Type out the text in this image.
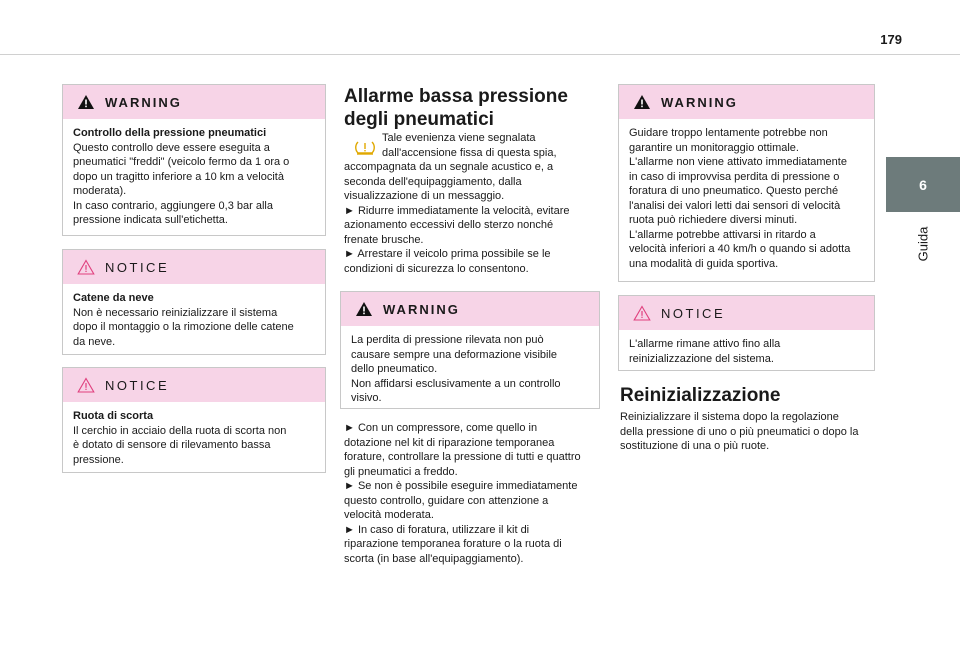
179
6
Guida
WARNING
Controllo della pressione pneumatici
Questo controllo deve essere eseguita a
pneumatici "freddi" (veicolo fermo da 1 ora o
dopo un tragitto inferiore a 10 km a velocità
moderata).
In caso contrario, aggiungere 0,3 bar alla
pressione indicata sull'etichetta.
NOTICE
Catene da neve
Non è necessario reinizializzare il sistema
dopo il montaggio o la rimozione delle catene
da neve.
NOTICE
Ruota di scorta
Il cerchio in acciaio della ruota di scorta non
è dotato di sensore di rilevamento bassa
pressione.
Allarme bassa pressione
degli pneumatici
Tale evenienza viene segnalata
dall'accensione fissa di questa spia,
accompagnata da un segnale acustico e, a
seconda dell'equipaggiamento, dalla
visualizzazione di un messaggio.
► Ridurre immediatamente la velocità, evitare
azionamento eccessivi dello sterzo nonché
frenate brusche.
► Arrestare il veicolo prima possibile se le
condizioni di sicurezza lo consentono.
WARNING
La perdita di pressione rilevata non può
causare sempre una deformazione visibile
dello pneumatico.
Non affidarsi esclusivamente a un controllo
visivo.
► Con un compressore, come quello in
dotazione nel kit di riparazione temporanea
forature, controllare la pressione di tutti e quattro
gli pneumatici a freddo.
► Se non è possibile eseguire immediatamente
questo controllo, guidare con attenzione a
velocità moderata.
► In caso di foratura, utilizzare il kit di
riparazione temporanea forature o la ruota di
scorta (in base all'equipaggiamento).
WARNING
Guidare troppo lentamente potrebbe non
garantire un monitoraggio ottimale.
L'allarme non viene attivato immediatamente
in caso di improvvisa perdita di pressione o
foratura di uno pneumatico. Questo perché
l'analisi dei valori letti dai sensori di velocità
ruota può richiedere diversi minuti.
L'allarme potrebbe attivarsi in ritardo a
velocità inferiori a 40 km/h o quando si adotta
una modalità di guida sportiva.
NOTICE
L'allarme rimane attivo fino alla
reinizializzazione del sistema.
Reinizializzazione
Reinizializzare il sistema dopo la regolazione
della pressione di uno o più pneumatici o dopo la
sostituzione di una o più ruote.
